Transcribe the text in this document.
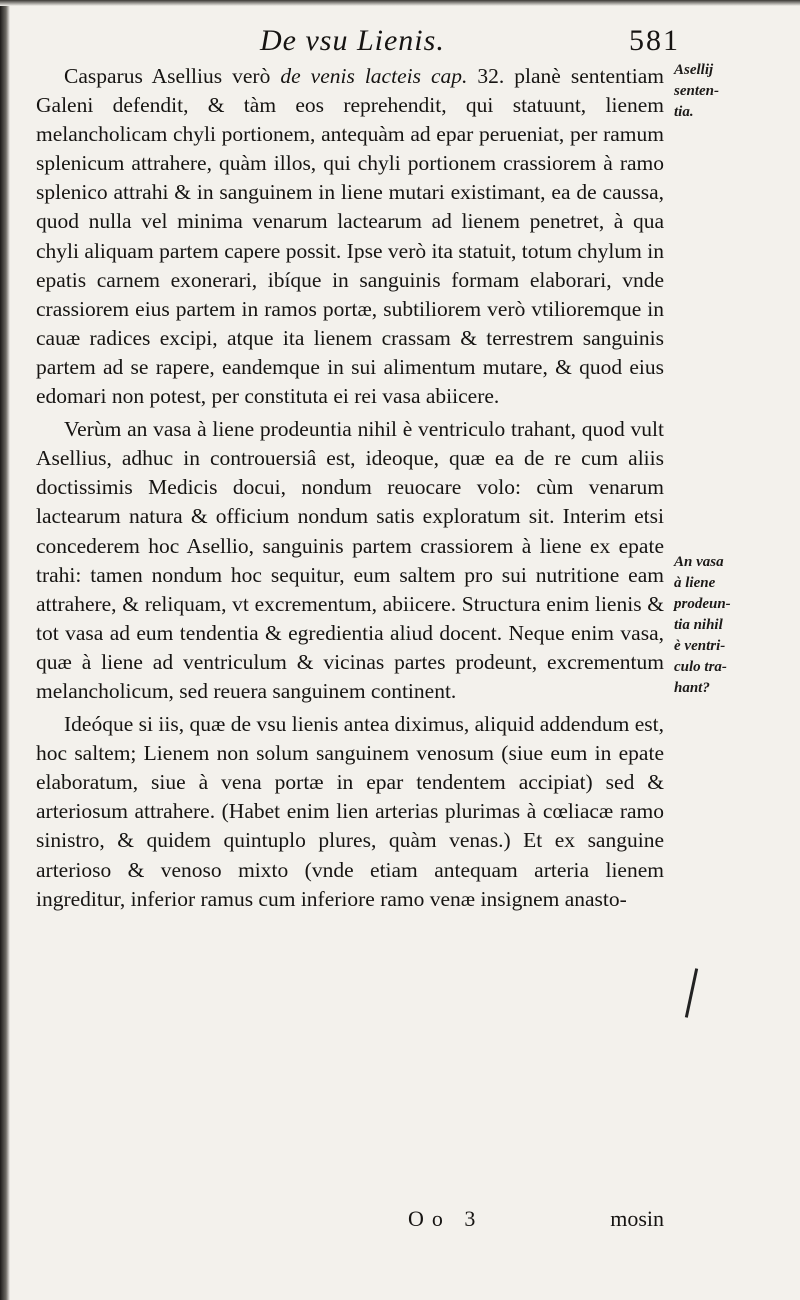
De vsu Lienis.	581

Casparus Asellius verò de venis lacteis cap. 32. planè sententiam Galeni defendit, & tàm eos reprehendit, qui statuunt, lienem melancholicam chyli portionem, antequàm ad epar perueniat, per ramum splenicum attrahere, quàm illos, qui chyli portionem crassiorem à ramo splenico attrahi & in sanguinem in liene mutari existimant, ea de caussa, quod nulla vel minima venarum lactearum ad lienem penetret, à qua chyli aliquam partem capere possit. Ipse verò ita statuit, totum chylum in epatis carnem exonerari, ibíque in sanguinis formam elaborari, vnde crassiorem eius partem in ramos portæ, subtiliorem verò vtilioremque in cauæ radices excipi, atque ita lienem crassam & terrestrem sanguinis partem ad se rapere, eandemque in sui alimentum mutare, & quod eius edomari non potest, per constituta ei rei vasa abiicere.

Verùm an vasa à liene prodeuntia nihil è ventriculo trahant, quod vult Asellius, adhuc in controuersiâ est, ideoque, quæ ea de re cum aliis doctissimis Medicis docui, nondum reuocare volo: cùm venarum lactearum natura & officium nondum satis exploratum sit. Interim etsi concederem hoc Asellio, sanguinis partem crassiorem à liene ex epate trahi: tamen nondum hoc sequitur, eum saltem pro sui nutritione eam attrahere, & reliquam, vt excrementum, abiicere. Structura enim lienis & tot vasa ad eum tendentia & egredientia aliud docent. Neque enim vasa, quæ à liene ad ventriculum & vicinas partes prodeunt, excrementum melancholicum, sed reuera sanguinem continent.

Ideóque si iis, quæ de vsu lienis antea diximus, aliquid addendum est, hoc saltem; Lienem non solum sanguinem venosum (siue eum in epate elaboratum, siue à vena portæ in epar tendentem accipiat) sed & arteriosum attrahere. (Habet enim lien arterias plurimas à cœliacæ ramo sinistro, & quidem quintuplo plures, quàm venas.) Et ex sanguine arterioso & venoso mixto (vnde etiam antequam arteria lienem ingreditur, inferior ramus cum inferiore ramo venæ insignem anasto-

Asellij
senten-
tia.
An vasa
à liene
prodeun-
tia nihil
è ventri-
culo tra-
hant?
Oo 3	mosin
